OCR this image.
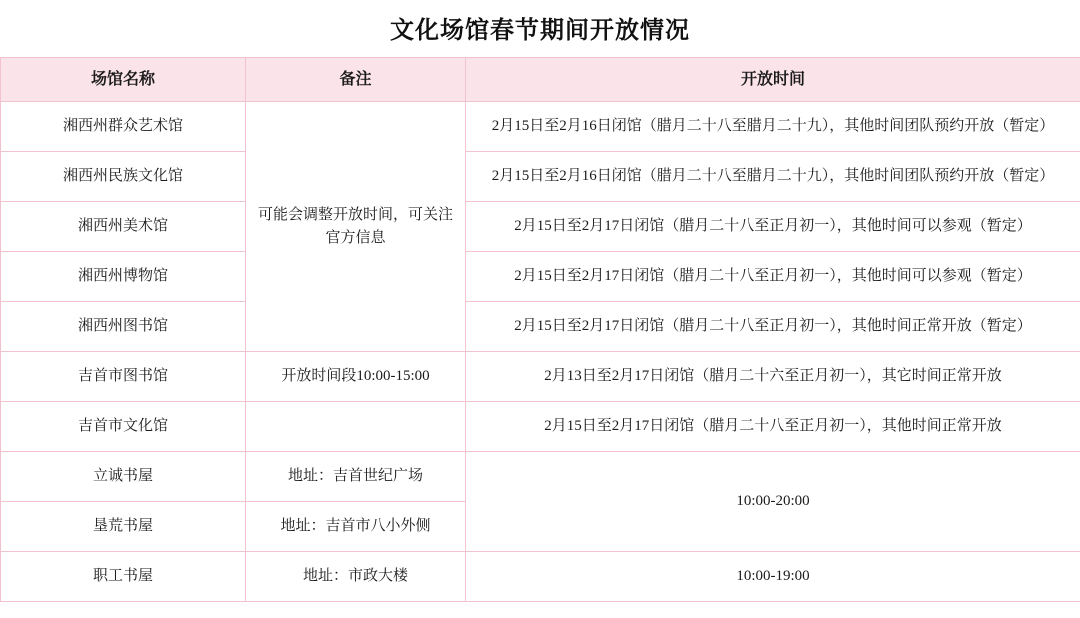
文化场馆春节期间开放情况
场馆名称	备注	开放时间
湘西州群众艺术馆	可能会调整开放时间，可关注官方信息	2月15日至2月16日闭馆（腊月二十八至腊月二十九），其他时间团队预约开放（暂定）
湘西州民族文化馆		2月15日至2月16日闭馆（腊月二十八至腊月二十九），其他时间团队预约开放（暂定）
湘西州美术馆		2月15日至2月17日闭馆（腊月二十八至正月初一），其他时间可以参观（暂定）
湘西州博物馆		2月15日至2月17日闭馆（腊月二十八至正月初一），其他时间可以参观（暂定）
湘西州图书馆		2月15日至2月17日闭馆（腊月二十八至正月初一），其他时间正常开放（暂定）
吉首市图书馆	开放时间段10:00-15:00	2月13日至2月17日闭馆（腊月二十六至正月初一），其它时间正常开放
吉首市文化馆		2月15日至2月17日闭馆（腊月二十八至正月初一），其他时间正常开放
立诚书屋	地址：吉首世纪广场	10:00-20:00
垦荒书屋	地址：吉首市八小外侧	
职工书屋	地址：市政大楼	10:00-19:00
